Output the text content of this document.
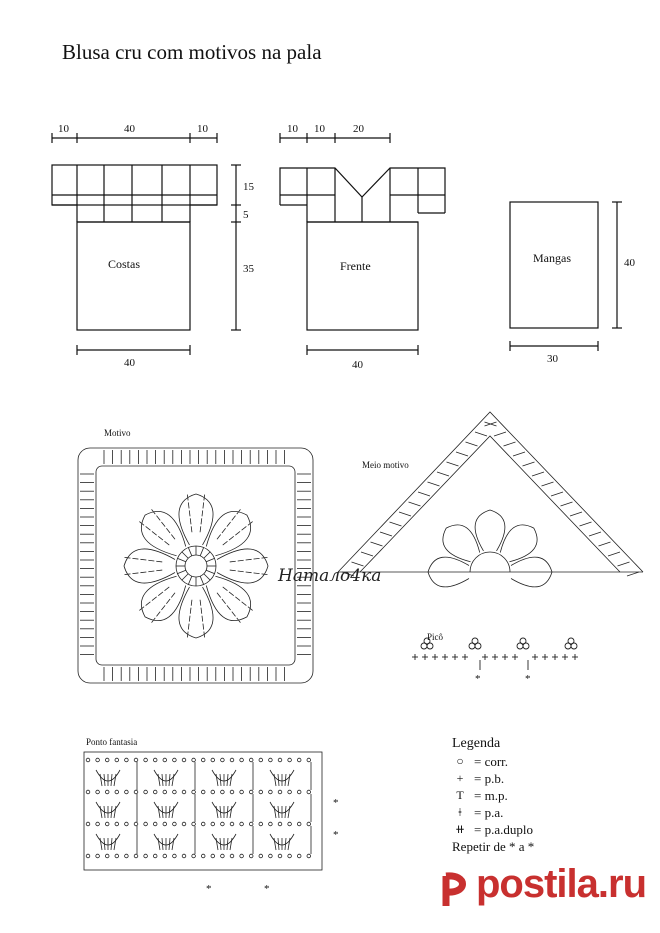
Blusa cru com motivos na pala
10	40	10
15
5
35
Costas
40
10 10	20
Frente
40
Mangas	40
30
Motivo
Meio motivo
Picô
*	*
Ponto fantasia
*
*
*	*
Натало4ка
Legenda
○ = corr.
+ = p.b.
T = m.p.
ǂ = p.a.
⧺ = p.a.duplo
Repetir de * a *
postila.ru
